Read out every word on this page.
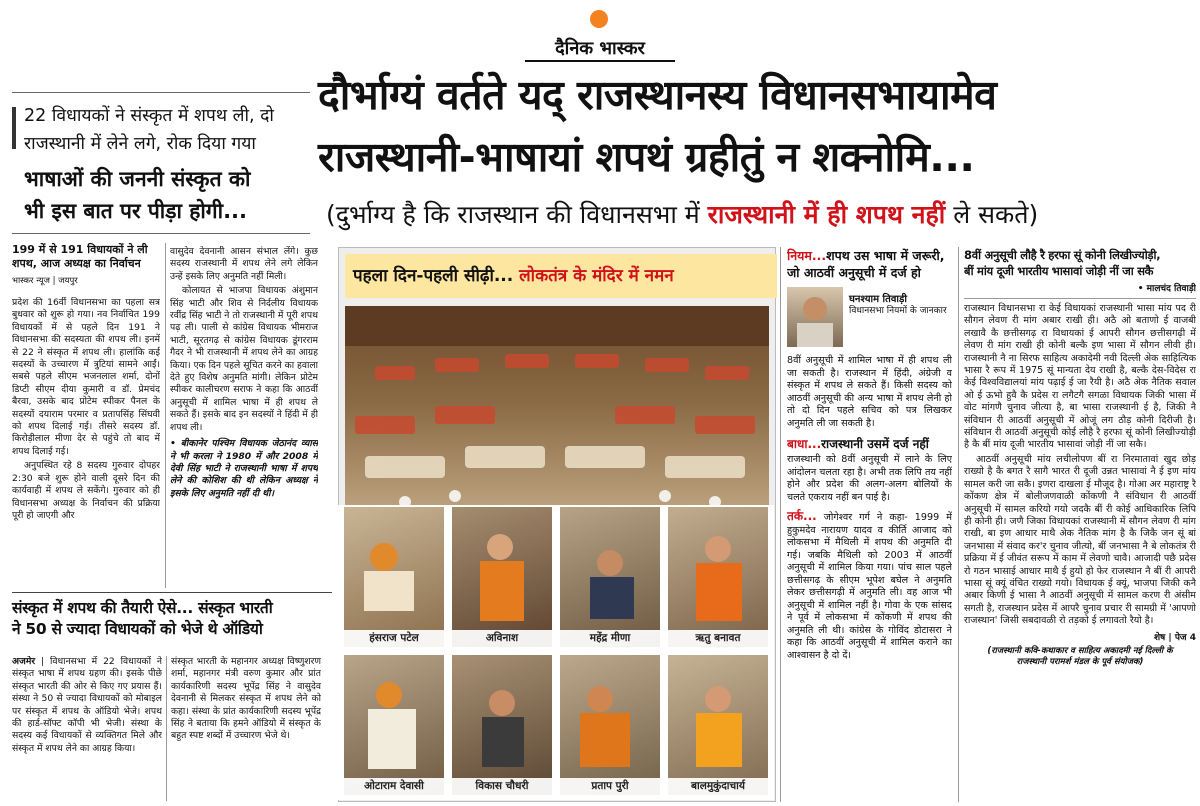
दैनिक भास्कर
दौर्भाग्यं वर्तते यद् राजस्थानस्य विधानसभायामेव
राजस्थानी-भाषायां शपथं ग्रहीतुं न शक्नोमि...
(दुर्भाग्य है कि राजस्थान की विधानसभा में राजस्थानी में ही शपथ नहीं ले सकते)
22 विधायकों ने संस्कृत में शपथ ली, दो
राजस्थानी में लेने लगे, रोक दिया गया
भाषाओं की जननी संस्कृत को
भी इस बात पर पीड़ा होगी...
199 में से 191 विधायकों ने ली
शपथ, आज अध्यक्ष का निर्वाचन
भास्कर न्यूज | जयपुर

प्रदेश की 16वीं विधानसभा का पहला सत्र बुधवार को शुरू हो गया। नव निर्वाचित 199 विधायकों में से पहले दिन 191 ने विधानसभा की सदस्यता की शपथ ली। इनमें से 22 ने संस्कृत में शपथ ली। हालांकि कई सदस्यों के उच्चारण में त्रुटियां सामने आईं। सबसे पहले सीएम भजनलाल शर्मा, दोनों डिप्टी सीएम दीया कुमारी व डॉ. प्रेमचंद बैरवा, उसके बाद प्रोटेम स्पीकर पैनल के सदस्यों दयाराम परमार व प्रतापसिंह सिंघवी को शपथ दिलाई गई। तीसरे सदस्य डॉ. किरोड़ीलाल मीणा देर से पहुंचे तो बाद में शपथ दिलाई गई।

अनुपस्थित रहे 8 सदस्य गुरुवार दोपहर 2:30 बजे शुरू होने वाली दूसरे दिन की कार्यवाही में शपथ ले सकेंगे। गुरुवार को ही विधानसभा अध्यक्ष के निर्वाचन की प्रक्रिया पूरी हो जाएगी और

वासुदेव देवनानी आसन संभाल लेंगे। कुछ सदस्य राजस्थानी में शपथ लेने लगे लेकिन उन्हें इसके लिए अनुमति नहीं मिली।

कोलायत से भाजपा विधायक अंशुमान सिंह भाटी और शिव से निर्दलीय विधायक रवींद्र सिंह भाटी ने तो राजस्थानी में पूरी शपथ पढ़ ली। पाली से कांग्रेस विधायक भीमराज भाटी, सूरतगढ़ से कांग्रेस विधायक डूंगरराम गैदर ने भी राजस्थानी में शपथ लेने का आग्रह किया। एक दिन पहले सूचित करने का हवाला देते हुए विशेष अनुमति मांगी। लेकिन प्रोटेम स्पीकर कालीचरण सराफ ने कहा कि आठवीं अनुसूची में शामिल भाषा में ही शपथ ले सकते हैं। इसके बाद इन सदस्यों ने हिंदी में ही शपथ ली।

• बीकानेर पश्चिम विधायक जेठानंद व्यास ने भी करला ने 1980 में और 2008 में देवी सिंह भाटी ने राजस्थानी भाषा में शपथ लेने की कोशिश की थी लेकिन अध्यक्ष ने इसके लिए अनुमति नहीं दी थी।

संस्कृत में शपथ की तैयारी ऐसे... संस्कृत भारती
ने 50 से ज्यादा विधायकों को भेजे थे ऑडियो
अजमेर | विधानसभा में 22 विधायकों ने संस्कृत भाषा में शपथ ग्रहण की। इसके पीछे संस्कृत भारती की ओर से किए गए प्रयास हैं। संस्था ने 50 से ज्यादा विधायकों को मोबाइल पर संस्कृत में शपथ के ऑडियो भेजे। शपथ की हार्ड-सॉफ्ट कॉपी भी भेजी। संस्था के सदस्य कई विधायकों से व्यक्तिगत मिले और संस्कृत में शपथ लेने का आग्रह किया।
संस्कृत भारती के महानगर अध्यक्ष विष्णुशरण शर्मा, महानगर मंत्री वरुण कुमार और प्रांत कार्यकारिणी सदस्य भूपेंद्र सिंह ने वासुदेव देवनानी से मिलकर संस्कृत में शपथ लेने को कहा। संस्था के प्रांत कार्यकारिणी सदस्य भूपेंद्र सिंह ने बताया कि हमने ऑडियो में संस्कृत के बहुत स्पष्ट शब्दों में उच्चारण भेजे थे।
पहला दिन-पहली सीढ़ी... लोकतंत्र के मंदिर में नमन
हंसराज पटेल	अविनाश	महेंद्र मीणा	ऋतु बनावत
ओटाराम देवासी	विकास चौधरी	प्रताप पुरी	बालमुकुंदाचार्य
नियम...शपथ उस भाषा में जरूरी,
जो आठवीं अनुसूची में दर्ज हो
घनश्याम तिवाड़ी
विधानसभा नियमों के जानकार

8वीं अनुसूची में शामिल भाषा में ही शपथ ली जा सकती है। राजस्थान में हिंदी, अंग्रेजी व संस्कृत में शपथ ले सकते हैं। किसी सदस्य को आठवीं अनुसूची की अन्य भाषा में शपथ लेनी हो तो दो दिन पहले सचिव को पत्र लिखकर अनुमति ली जा सकती है।

बाधा...राजस्थानी उसमें दर्ज नहीं

राजस्थानी को 8वीं अनुसूची में लाने के लिए आंदोलन चलता रहा है। अभी तक लिपि तय नहीं होने और प्रदेश की अलग-अलग बोलियों के चलते एकराय नहीं बन पाई है।

तर्क... जोगेश्वर गर्ग ने कहा- 1999 में हुकुमदेव नारायण यादव व कीर्ति आजाद को लोकसभा में मैथिली में शपथ की अनुमति दी गई। जबकि मैथिली को 2003 में आठवीं अनुसूची में शामिल किया गया। पांच साल पहले छत्तीसगढ़ के सीएम भूपेश बघेल ने अनुमति लेकर छत्तीसगढ़ी में अनुमति ली। वह आज भी अनुसूची में शामिल नहीं है। गोवा के एक सांसद ने पूर्व में लोकसभा में कोंकणी में शपथ की अनुमति ली थी। कांग्रेस के गोविंद डोटासरा ने कहा कि आठवीं अनुसूची में शामिल कराने का आश्वासन है दो दें।

8वीं अनुसूची लौहै रै हरफा सूं कोनी लिखीज्योड़ी,
बीं मांय दूजी भारतीय भासावां जोड़ी नीं जा सकै
• मालचंद तिवाड़ी

राजस्थान विधानसभा रा केई विधायकां राजस्थानी भासा मांय पद री सौगन लेवण री मांग अबार राखी ही। अठै ओ बताणो ई वाजबी लखावै कै छत्तीसगढ़ रा विधायकां ई आपरी सौगन छत्तीसगढ़ी में लेवण री मांग राखी ही कोनी बल्कै इण भासा में सौगन लीवी ही। राजस्थानी नै ना सिरफ साहित्य अकादेमी नवी दिल्ली अेक साहित्यिक भासा रै रूप में 1975 सूं मान्यता देय राखी है, बल्कै देस-विदेस रा केई विश्वविद्यालयां मांय पढ़ाई ई जा रैयी है। अठै अेक नैतिक सवाल ओ ई ऊभो हुवै कै प्रदेस रा लगैटगै सगळा विधायक जिकी भासा में वोट मांगणै चुनाव जीत्या है, बा भासा राजस्थानी ई है, जिकी नै संविधान री आठवीं अनुसूची में ओजूं लग ठौड़ कोनी दिरीजी है। संविधान री आठवीं अनुसूची कोई लौहै रै हरफा सूं कोनी लिखीज्योड़ी है कै बीं मांय दूजी भारतीय भासावां जोड़ी नीं जा सकै।

आठवीं अनुसूची मांय लचीलोपण बीं रा निरमातावां खुद छोड़ राख्यो है कै बगत रै सागै भारत री दूजी उन्नत भासावां नै ई इण मांय सामल करी जा सकै। इणरा दाखला ई मौजूद है। गोआ अर महाराष्ट्र रै कोंकण क्षेत्र में बोलीजणवाळी कोंकणी नै संविधान री आठवीं अनुसूची में सामल करियो गयो जदकै बीं री कोई आधिकारिक लिपि ही कोनी ही। जणै जिका विधायकां राजस्थानी में सौगन लेवण री मांग राखी, बा इण आधार माथै अेक नैतिक मांग है कै जिकै जन सूं बां जनभासा में संवाद कर'र चुनाव जीत्यो, बीं जनभासा नै बे लोकतंत्र री प्रक्रिया में ई जीवंत सरूप में काम में लेवणो चावै। आजादी पछै प्रदेस रो गठन भासाई आधार माथै ई हुयो हो फेर राजस्थान नै बीं री आपरी भासा सूं क्यूं वंचित राख्यो गयो। विधायक ई क्यूं, भाजपा जिकी कनै अबार किणी ई भासा नै आठवीं अनुसूची में सामल करण री अंसीम सगती है, राजस्थान प्रदेस में आपरै चुनाव प्रचार री सामग्री में 'आपणो राजस्थान' जिसी सबदावळी रो तड़को ई लगावतो रैयो है।

शेष | पेज 4
(राजस्थानी कवि-कथाकार व साहित्य अकादमी नई दिल्ली के
राजस्थानी परामर्श मंडल के पूर्व संयोजक)
